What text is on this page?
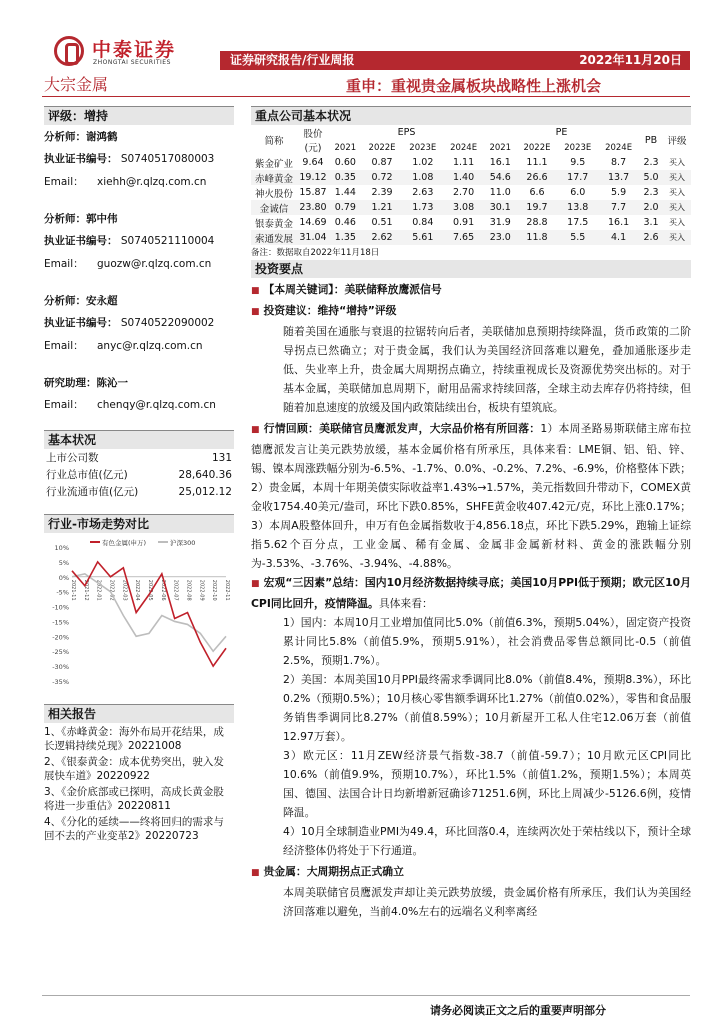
中泰证券
ZHONGTAI SECURITIES	证券研究报告/行业周报	2022年11月20日
大宗金属	重申：重视贵金属板块战略性上涨机会
评级：增持
分析师：谢鸿鹤
执业证书编号： S0740517080003
Email： xiehh@r.qlzq.com.cn
分析师：郭中伟
执业证书编号： S0740521110004
Email： guozw@r.qlzq.com.cn
分析师：安永超
执业证书编号： S0740522090002
Email： anyc@r.qlzq.com.cn
研究助理：陈沁一
Email： chenqy@r.qlzq.com.cn
基本状况
上市公司数	131
行业总市值(亿元)	28,640.36
行业流通市值(亿元)	25,012.12
行业-市场走势对比
10%
5%
0%
-5%
-10%
-15%
-20%
-25%
-30%
-35%
2021-11 2021-12 2022-01 2022-02 2022-03 2022-04 2022-05 2022-06 2022-07 2022-08 2022-09 2022-10 2022-11
有色金属(申万)	沪深300
相关报告
1、《赤峰黄金：海外布局开花结果，成长逻辑持续兑现》20221008
2、《银泰黄金：成本优势突出，驶入发展快车道》20220922
3、《金价底部或已探明，高成长黄金股将进一步重估》20220811
4、《分化的延续——终将回归的需求与回不去的产业变革2》20220723
重点公司基本状况
简称	股价(元)	EPS				PE				PB	评级
		2021	2022E	2023E	2024E	2021	2022E	2023E	2024E		
紫金矿业	9.64	0.60	0.87	1.02	1.11	16.1	11.1	9.5	8.7	2.3	买入
赤峰黄金	19.12	0.35	0.72	1.08	1.40	54.6	26.6	17.7	13.7	5.0	买入
神火股份	15.87	1.44	2.39	2.63	2.70	11.0	6.6	6.0	5.9	2.3	买入
金诚信	23.80	0.79	1.21	1.73	3.08	30.1	19.7	13.8	7.7	2.0	买入
银泰黄金	14.69	0.46	0.51	0.84	0.91	31.9	28.8	17.5	16.1	3.1	买入
索通发展	31.04	1.35	2.62	5.61	7.65	23.0	11.8	5.5	4.1	2.6	买入
备注：数据取自2022年11月18日
投资要点
■ 【本周关键词】：美联储释放鹰派信号
■ 投资建议：维持“增持”评级
随着美国在通胀与衰退的拉锯转向后者，美联储加息预期持续降温，货币政策的二阶导拐点已然确立；对于贵金属，我们认为美国经济回落难以避免，叠加通胀逐步走低、失业率上升，贵金属大周期拐点确立，持续重视成长及资源优势突出标的。对于基本金属，美联储加息周期下，耐用品需求持续回落，全球主动去库存仍将持续，但随着加息速度的放缓及国内政策陆续出台，板块有望筑底。
■ 行情回顾：美联储官员鹰派发声，大宗品价格有所回落：1）本周圣路易斯联储主席布拉德鹰派发言让美元跌势放缓，基本金属价格有所承压，具体来看：LME铜、铝、铅、锌、锡、镍本周涨跌幅分别为-6.5%、-1.7%、0.0%、-0.2%、7.2%、-6.9%，价格整体下跌；2）贵金属，本周十年期美债实际收益率1.43%→1.57%，美元指数回升带动下，COMEX黄金收1754.40美元/盎司，环比下跌0.85%，SHFE黄金收407.42元/克，环比上涨0.17%；3）本周A股整体回升，申万有色金属指数收于4,856.18点，环比下跌5.29%，跑输上证综指5.62个百分点，工业金属、稀有金属、金属非金属新材料、黄金的涨跌幅分别为-3.53%、-3.76%、-3.94%、-4.88%。
■ 宏观“三因素”总结：国内10月经济数据持续寻底；美国10月PPI低于预期；欧元区10月CPI同比回升，疫情降温。具体来看：
1）国内：本周10月工业增加值同比5.0%（前值6.3%，预期5.04%），固定资产投资累计同比5.8%（前值5.9%，预期5.91%），社会消费品零售总额同比-0.5（前值2.5%，预期1.7%）。
2）美国：本周美国10月PPI最终需求季调同比8.0%（前值8.4%，预期8.3%），环比0.2%（预期0.5%）；10月核心零售额季调环比1.27%（前值0.02%），零售和食品服务销售季调同比8.27%（前值8.59%）；10月新屋开工私人住宅12.06万套（前值12.97万套）。
3）欧元区：11月ZEW经济景气指数-38.7（前值-59.7）；10月欧元区CPI同比10.6%（前值9.9%，预期10.7%），环比1.5%（前值1.2%，预期1.5%）；本周英国、德国、法国合计日均新增新冠确诊71251.6例，环比上周减少-5126.6例，疫情降温。
4）10月全球制造业PMI为49.4，环比回落0.4，连续两次处于荣枯线以下，预计全球经济整体仍将处于下行通道。
■ 贵金属：大周期拐点正式确立
本周美联储官员鹰派发声却让美元跌势放缓，贵金属价格有所承压，我们认为美国经济回落难以避免，当前4.0%左右的远端名义利率离经
请务必阅读正文之后的重要声明部分
